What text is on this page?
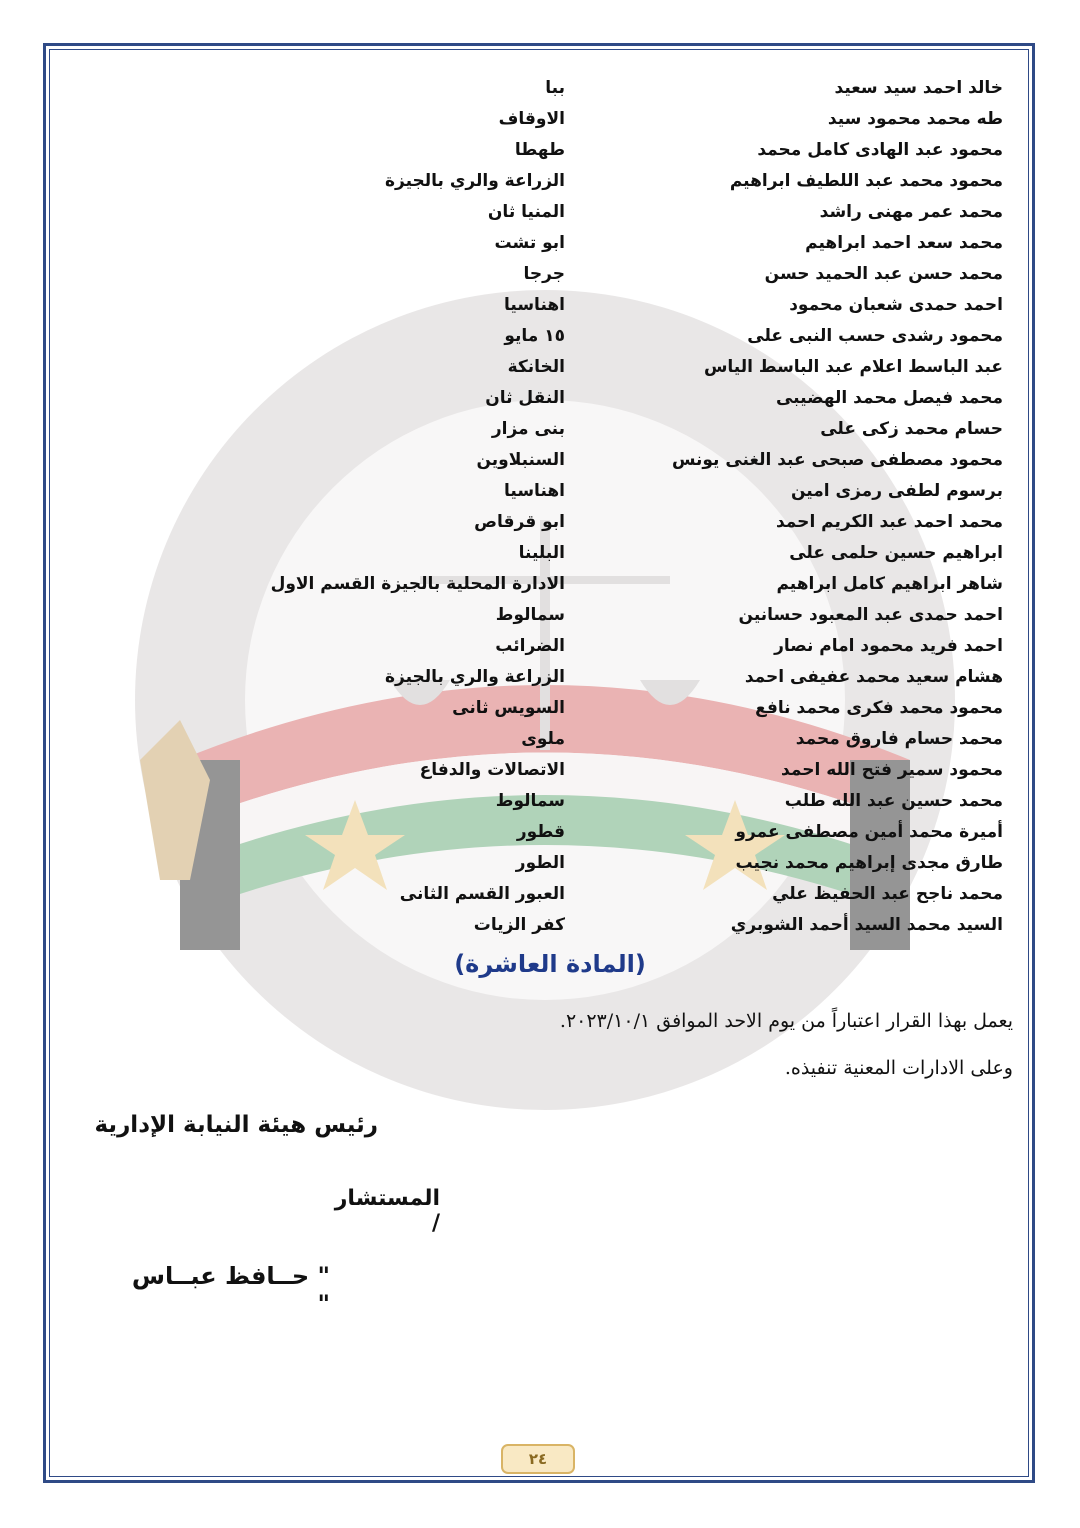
خالد احمد سيد سعيد
ببا
طه محمد محمود سيد
الاوقاف
محمود عبد الهادى كامل محمد
طهطا
محمود محمد عبد اللطيف ابراهيم
الزراعة والري بالجيزة
محمد عمر مهنى راشد
المنيا ثان
محمد سعد احمد ابراهيم
ابو تشت
محمد حسن عبد الحميد حسن
جرجا
احمد حمدى شعبان محمود
اهناسيا
محمود رشدى حسب النبى على
١٥ مايو
عبد الباسط اعلام عبد الباسط الياس
الخانكة
محمد فيصل محمد الهضيبى
النقل ثان
حسام محمد زكى على
بنى مزار
محمود مصطفى صبحى عبد الغنى يونس
السنبلاوين
برسوم لطفى رمزى امين
اهناسيا
محمد احمد عبد الكريم احمد
ابو قرقاص
ابراهيم حسين حلمى على
البلينا
شاهر ابراهيم كامل ابراهيم
الادارة المحلية بالجيزة القسم الاول
احمد حمدى عبد المعبود حسانين
سمالوط
احمد فريد محمود امام نصار
الضرائب
هشام سعيد محمد عفيفى احمد
الزراعة والري بالجيزة
محمود محمد فكرى محمد نافع
السويس ثانى
محمد حسام فاروق محمد
ملوى
محمود سمير فتح الله احمد
الاتصالات والدفاع
محمد حسين عبد الله طلب
سمالوط
أميرة محمد أمين مصطفى عمرو
قطور
طارق مجدى إبراهيم محمد نجيب
الطور
محمد ناجح عبد الحفيظ علي
العبور القسم الثانى
السيد محمد السيد أحمد الشوبري
كفر الزيات
(المادة العاشرة)
يعمل بهذا القرار اعتباراً من يوم الاحد الموافق ٢٠٢٣/١٠/١.
وعلى الادارات المعنية تنفيذه.
رئيس هيئة النيابة الإدارية
المستشار /
" حــافظ عبــاس "
٢٤
